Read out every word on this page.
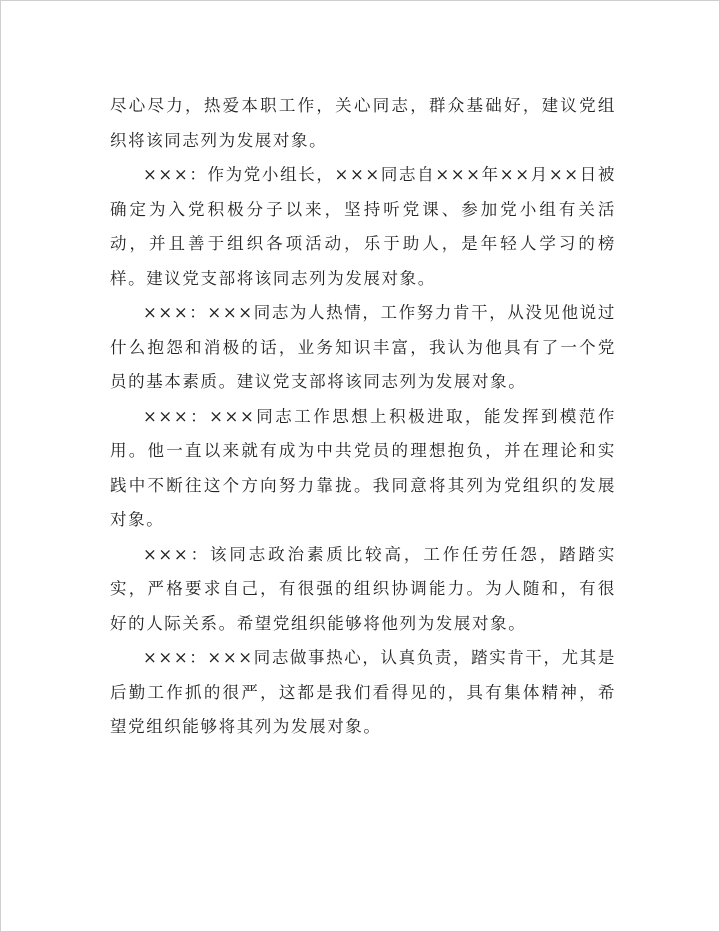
尽心尽力，热爱本职工作，关心同志，群众基础好，建议党组织将该同志列为发展对象。

×××：作为党小组长，×××同志自×××年××月××日被确定为入党积极分子以来，坚持听党课、参加党小组有关活动，并且善于组织各项活动，乐于助人，是年轻人学习的榜样。建议党支部将该同志列为发展对象。

×××：×××同志为人热情，工作努力肯干，从没见他说过什么抱怨和消极的话，业务知识丰富，我认为他具有了一个党员的基本素质。建议党支部将该同志列为发展对象。

×××：×××同志工作思想上积极进取，能发挥到模范作用。他一直以来就有成为中共党员的理想抱负，并在理论和实践中不断往这个方向努力靠拢。我同意将其列为党组织的发展对象。

×××：该同志政治素质比较高，工作任劳任怨，踏踏实实，严格要求自己，有很强的组织协调能力。为人随和，有很好的人际关系。希望党组织能够将他列为发展对象。

×××：×××同志做事热心，认真负责，踏实肯干，尤其是后勤工作抓的很严，这都是我们看得见的，具有集体精神，希望党组织能够将其列为发展对象。
